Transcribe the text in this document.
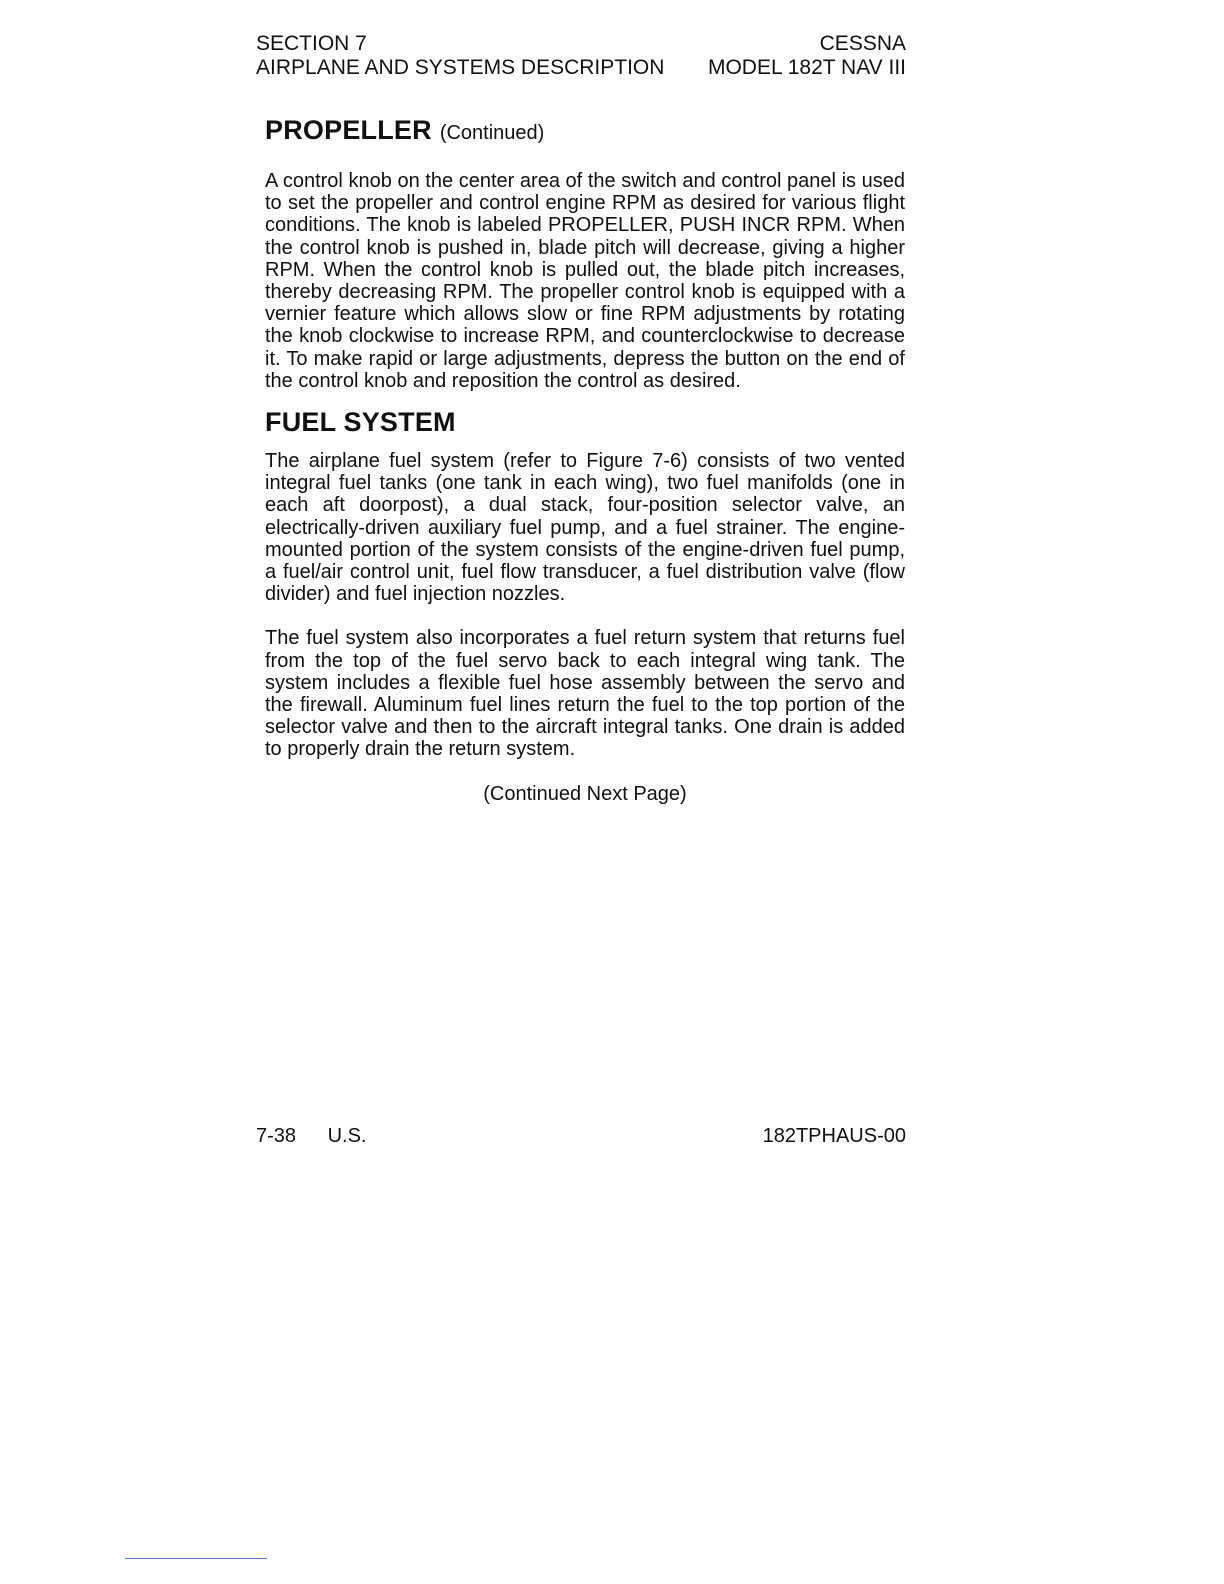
SECTION 7	CESSNA
AIRPLANE AND SYSTEMS DESCRIPTION MODEL 182T NAV III
PROPELLER (Continued)

A control knob on the center area of the switch and control panel is used to set the propeller and control engine RPM as desired for various flight conditions. The knob is labeled PROPELLER, PUSH INCR RPM. When the control knob is pushed in, blade pitch will decrease, giving a higher RPM. When the control knob is pulled out, the blade pitch increases, thereby decreasing RPM. The propeller control knob is equipped with a vernier feature which allows slow or fine RPM adjustments by rotating the knob clockwise to increase RPM, and counterclockwise to decrease it. To make rapid or large adjustments, depress the button on the end of the control knob and reposition the control as desired.

FUEL SYSTEM

The airplane fuel system (refer to Figure 7-6) consists of two vented integral fuel tanks (one tank in each wing), two fuel manifolds (one in each aft doorpost), a dual stack, four-position selector valve, an electrically-driven auxiliary fuel pump, and a fuel strainer. The engine-mounted portion of the system consists of the engine-driven fuel pump, a fuel/air control unit, fuel flow transducer, a fuel distribution valve (flow divider) and fuel injection nozzles.

The fuel system also incorporates a fuel return system that returns fuel from the top of the fuel servo back to each integral wing tank. The system includes a flexible fuel hose assembly between the servo and the firewall. Aluminum fuel lines return the fuel to the top portion of the selector valve and then to the aircraft integral tanks. One drain is added to properly drain the return system.

(Continued Next Page)
7-38 U.S.	182TPHAUS-00
